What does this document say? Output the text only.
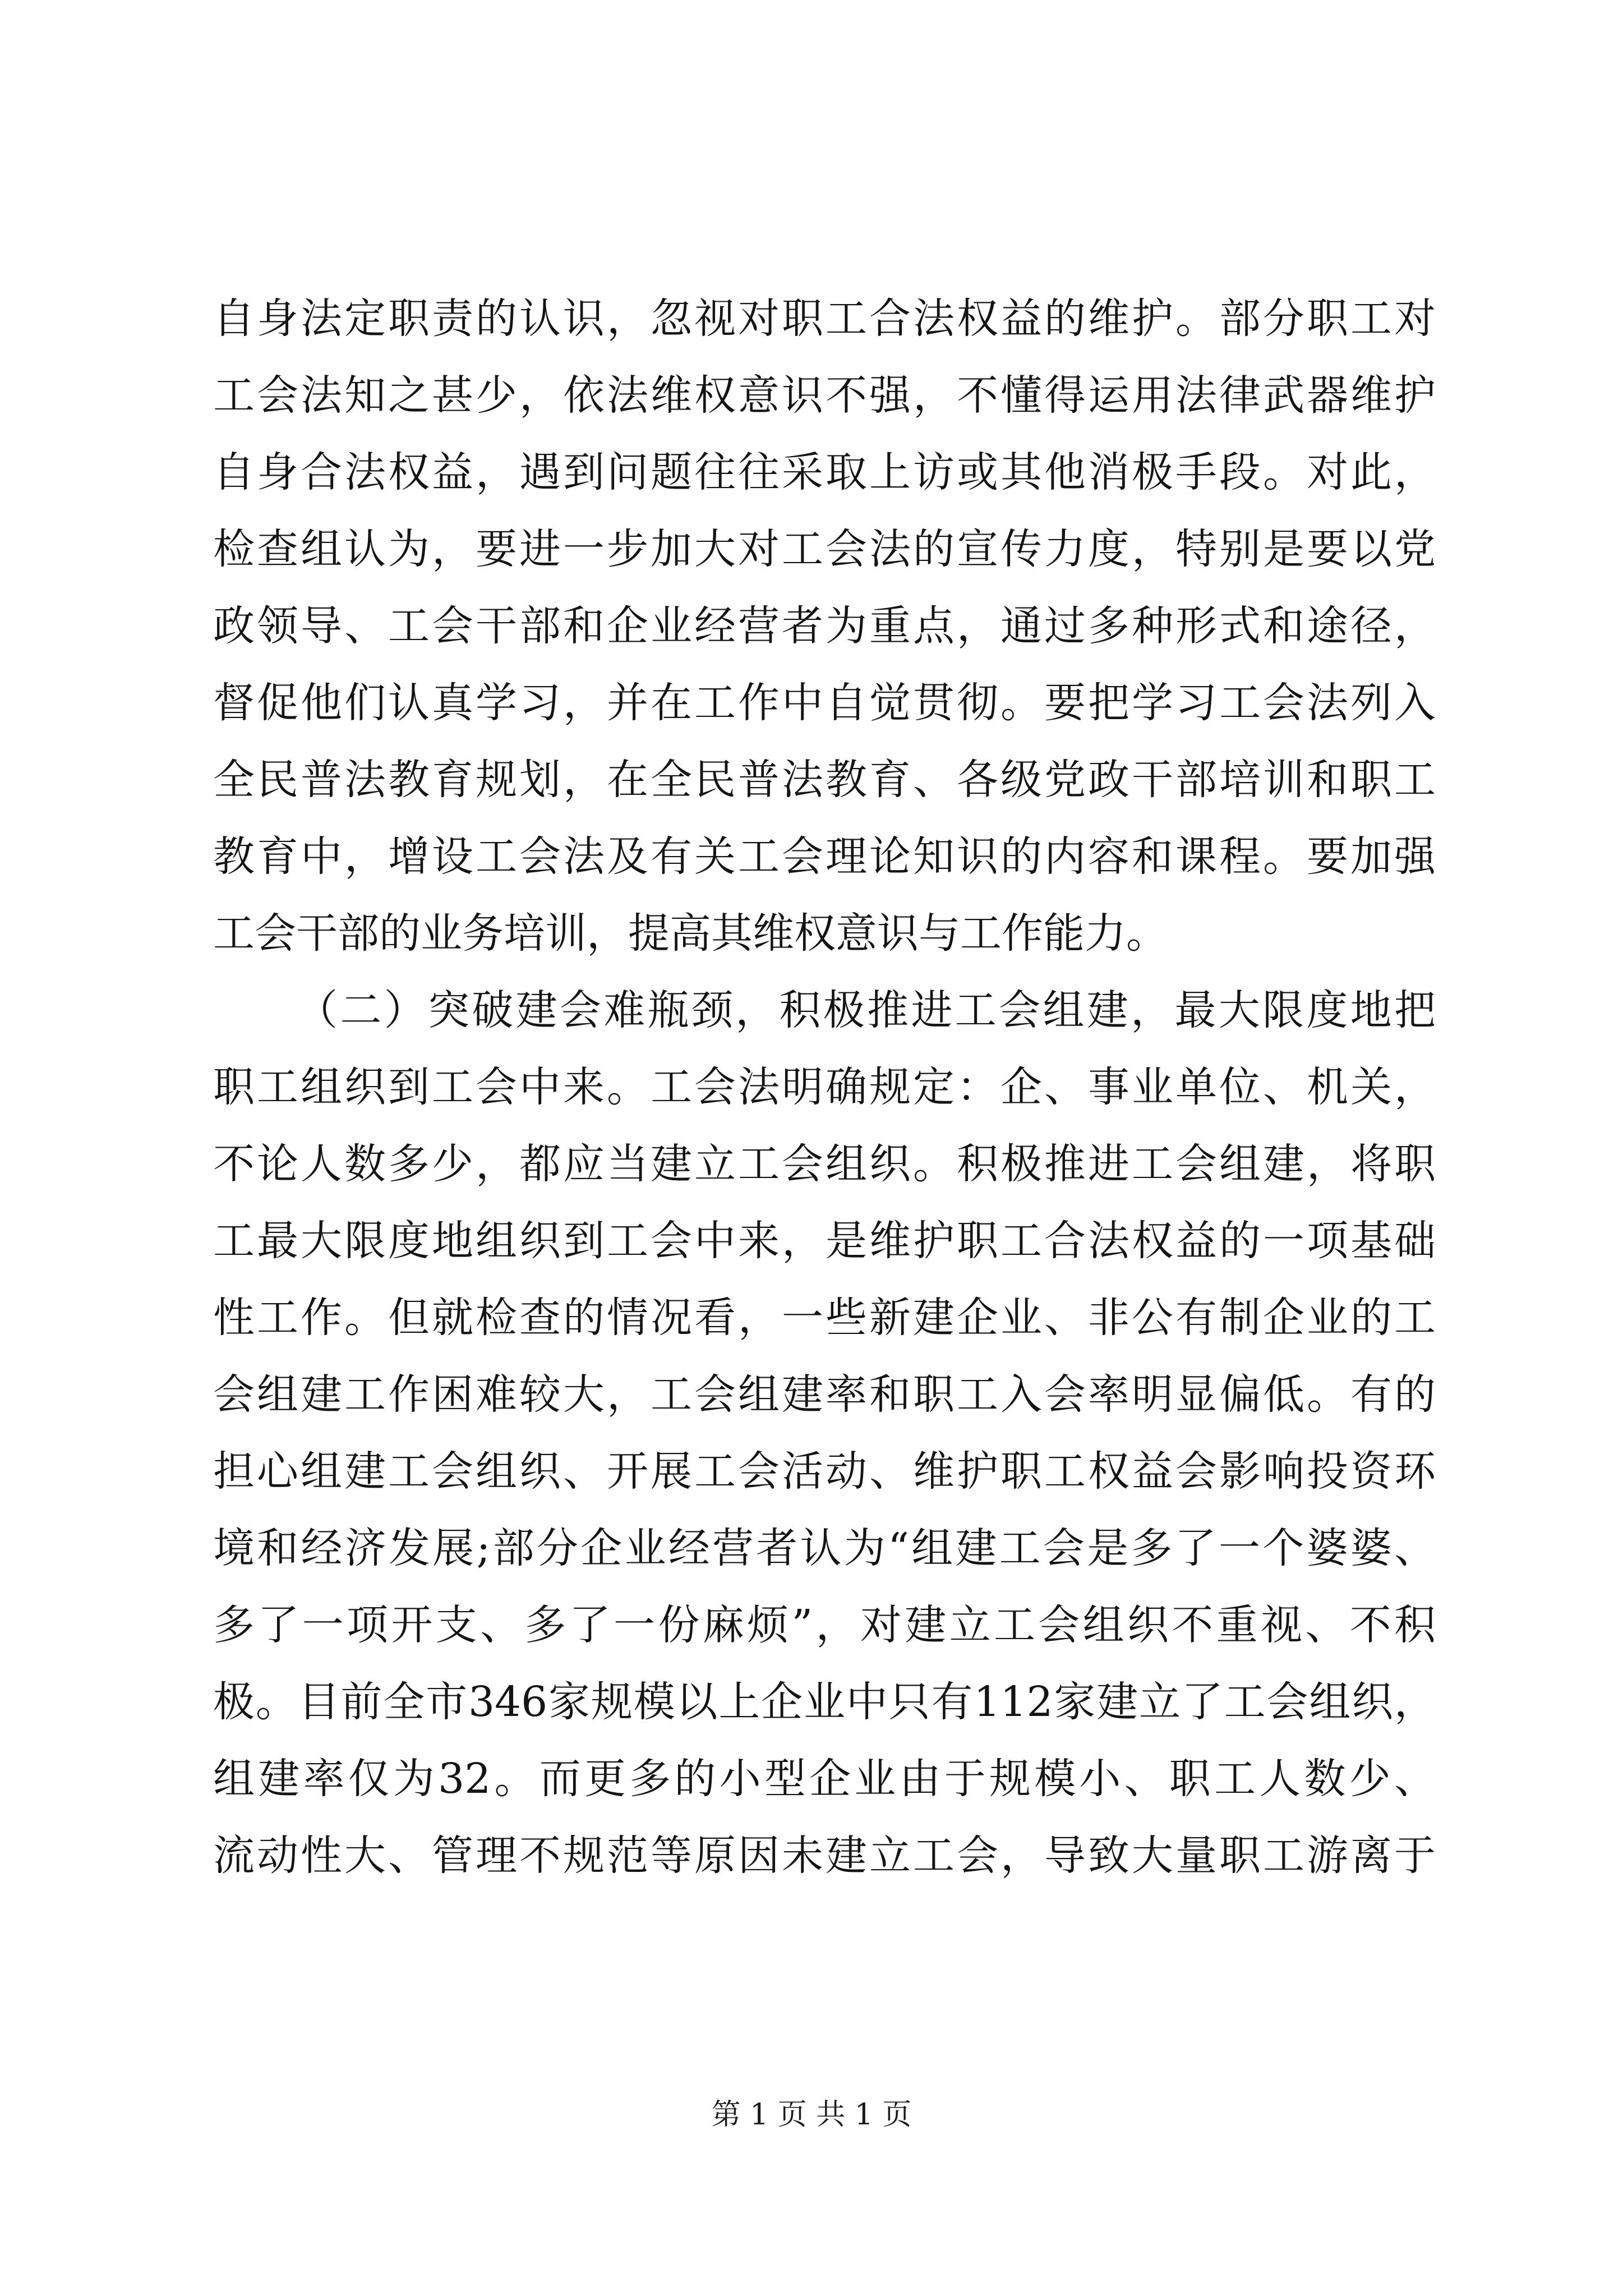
自身法定职责的认识，忽视对职工合法权益的维护。部分职工对
工会法知之甚少，依法维权意识不强，不懂得运用法律武器维护
自身合法权益，遇到问题往往采取上访或其他消极手段。对此，
检查组认为，要进一步加大对工会法的宣传力度，特别是要以党
政领导、工会干部和企业经营者为重点，通过多种形式和途径，
督促他们认真学习，并在工作中自觉贯彻。要把学习工会法列入
全民普法教育规划，在全民普法教育、各级党政干部培训和职工
教育中，增设工会法及有关工会理论知识的内容和课程。要加强
工会干部的业务培训，提高其维权意识与工作能力。
（二）突破建会难瓶颈，积极推进工会组建，最大限度地把
职工组织到工会中来。工会法明确规定：企、事业单位、机关，
不论人数多少，都应当建立工会组织。积极推进工会组建，将职
工最大限度地组织到工会中来，是维护职工合法权益的一项基础
性工作。但就检查的情况看，一些新建企业、非公有制企业的工
会组建工作困难较大，工会组建率和职工入会率明显偏低。有的
担心组建工会组织、开展工会活动、维护职工权益会影响投资环
境和经济发展;部分企业经营者认为“组建工会是多了一个婆婆、
多了一项开支、多了一份麻烦”，对建立工会组织不重视、不积
极。目前全市346家规模以上企业中只有112家建立了工会组织，
组建率仅为32。而更多的小型企业由于规模小、职工人数少、
流动性大、管理不规范等原因未建立工会，导致大量职工游离于
第 1 页 共 1 页
